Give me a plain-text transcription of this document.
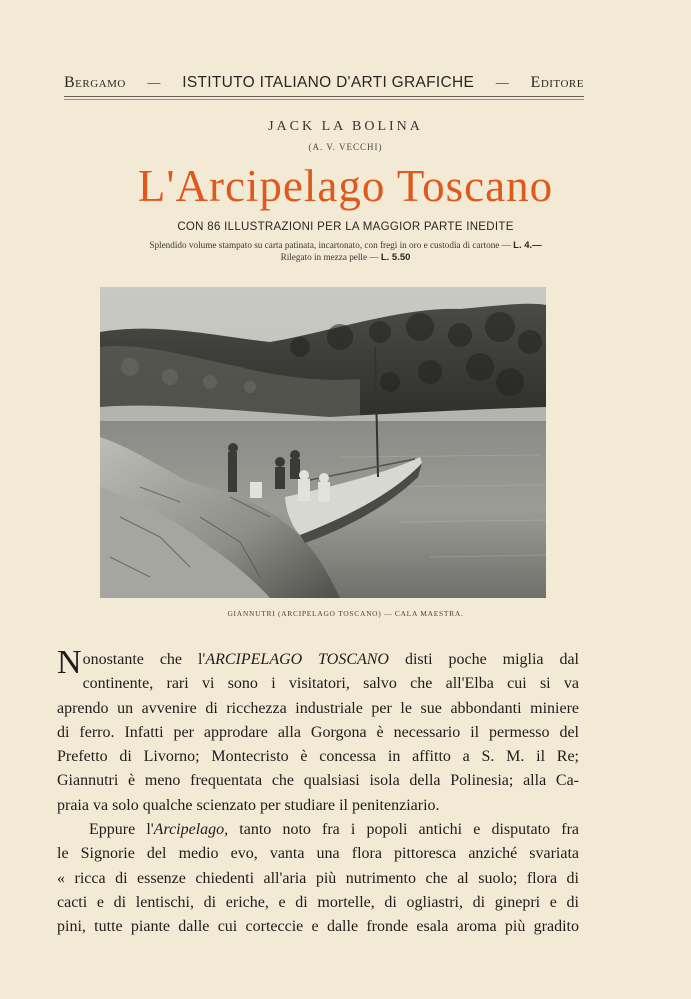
Bergamo — ISTITUTO ITALIANO D'ARTI GRAFICHE — Editore
JACK LA BOLINA
(A. V. VECCHI)
L'Arcipelago Toscano
CON 86 ILLUSTRAZIONI PER LA MAGGIOR PARTE INEDITE
Splendido volume stampato su carta patinata, incartonato, con fregi in oro e custodia di cartone — L. 4.—
Rilegato in mezza pelle — L. 5.50
GIANNUTRI (ARCIPELAGO TOSCANO) — CALA MAESTRA.

Nonostante che l'ARCIPELAGO TOSCANO disti poche miglia dal
continente, rari vi sono i visitatori, salvo che all'Elba cui si va
aprendo un avvenire di ricchezza industriale per le sue abbondanti miniere
di ferro. Infatti per approdare alla Gorgona è necessario il permesso del
Prefetto di Livorno; Montecristo è concessa in affitto a S. M. il Re;
Giannutri è meno frequentata che qualsiasi isola della Polinesia; alla Ca-
praia va solo qualche scienzato per studiare il penitenziario.

Eppure l'Arcipelago, tanto noto fra i popoli antichi e disputato fra
le Signorie del medio evo, vanta una flora pittoresca anziché svariata
« ricca di essenze chiedenti all'aria più nutrimento che al suolo; flora di
cacti e di lentischi, di eriche, e di mortelle, di ogliastri, di ginepri e di
pini, tutte piante dalle cui corteccie e dalle fronde esala aroma più gradito
